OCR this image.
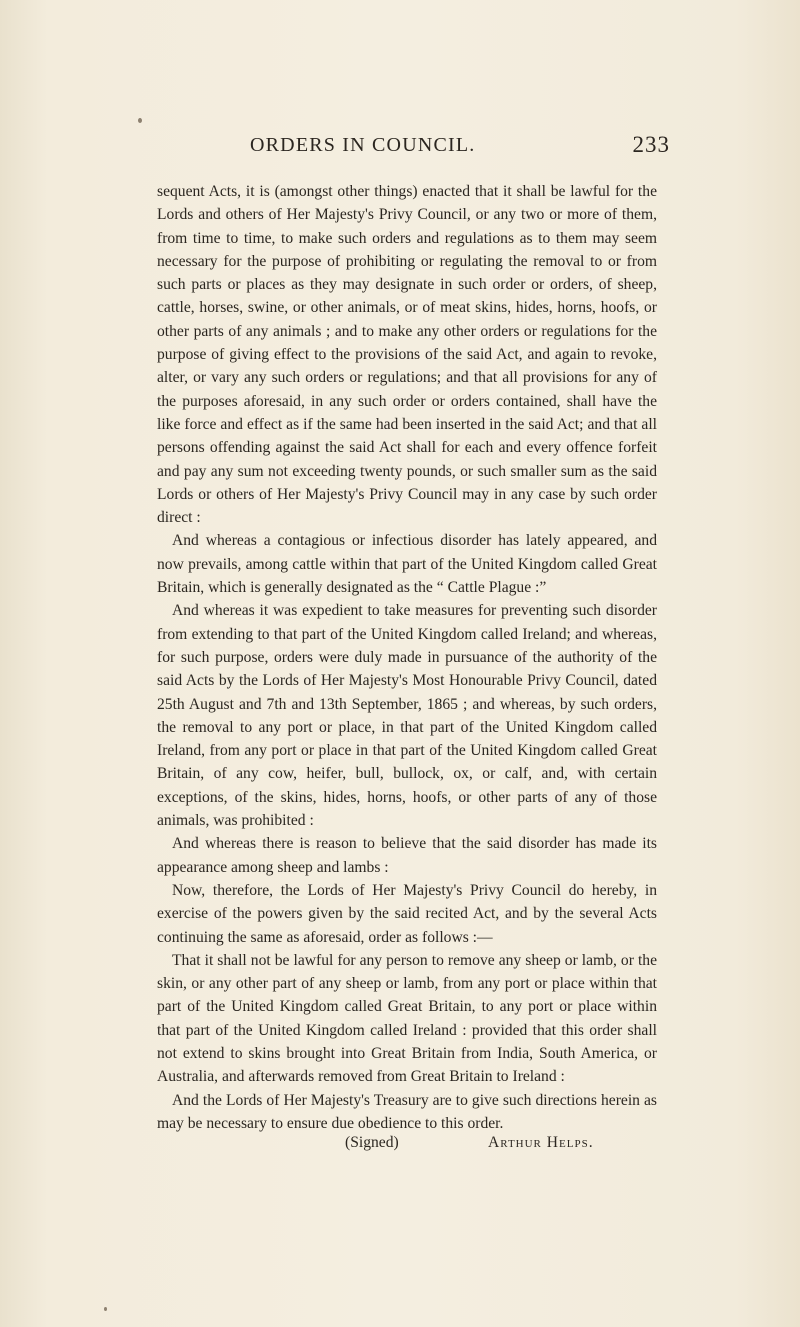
ORDERS IN COUNCIL.	233

sequent Acts, it is (amongst other things) enacted that it shall be lawful for the Lords and others of Her Majesty's Privy Council, or any two or more of them, from time to time, to make such orders and regulations as to them may seem necessary for the purpose of prohibiting or regulating the removal to or from such parts or places as they may designate in such order or orders, of sheep, cattle, horses, swine, or other animals, or of meat skins, hides, horns, hoofs, or other parts of any animals ; and to make any other orders or regulations for the purpose of giving effect to the provisions of the said Act, and again to revoke, alter, or vary any such orders or regulations; and that all provisions for any of the purposes aforesaid, in any such order or orders contained, shall have the like force and effect as if the same had been inserted in the said Act; and that all persons offending against the said Act shall for each and every offence forfeit and pay any sum not exceeding twenty pounds, or such smaller sum as the said Lords or others of Her Majesty's Privy Council may in any case by such order direct :

And whereas a contagious or infectious disorder has lately appeared, and now prevails, among cattle within that part of the United Kingdom called Great Britain, which is generally designated as the “ Cattle Plague :”

And whereas it was expedient to take measures for preventing such disorder from extending to that part of the United Kingdom called Ireland; and whereas, for such purpose, orders were duly made in pursuance of the authority of the said Acts by the Lords of Her Majesty's Most Honourable Privy Council, dated 25th August and 7th and 13th September, 1865 ; and whereas, by such orders, the removal to any port or place, in that part of the United Kingdom called Ireland, from any port or place in that part of the United Kingdom called Great Britain, of any cow, heifer, bull, bullock, ox, or calf, and, with certain exceptions, of the skins, hides, horns, hoofs, or other parts of any of those animals, was prohibited :

And whereas there is reason to believe that the said disorder has made its appearance among sheep and lambs :

Now, therefore, the Lords of Her Majesty's Privy Council do hereby, in exercise of the powers given by the said recited Act, and by the several Acts continuing the same as aforesaid, order as follows :—

That it shall not be lawful for any person to remove any sheep or lamb, or the skin, or any other part of any sheep or lamb, from any port or place within that part of the United Kingdom called Great Britain, to any port or place within that part of the United Kingdom called Ireland : provided that this order shall not extend to skins brought into Great Britain from India, South America, or Australia, and afterwards removed from Great Britain to Ireland :

And the Lords of Her Majesty's Treasury are to give such directions herein as may be necessary to ensure due obedience to this order.

(Signed)	Arthur Helps.
